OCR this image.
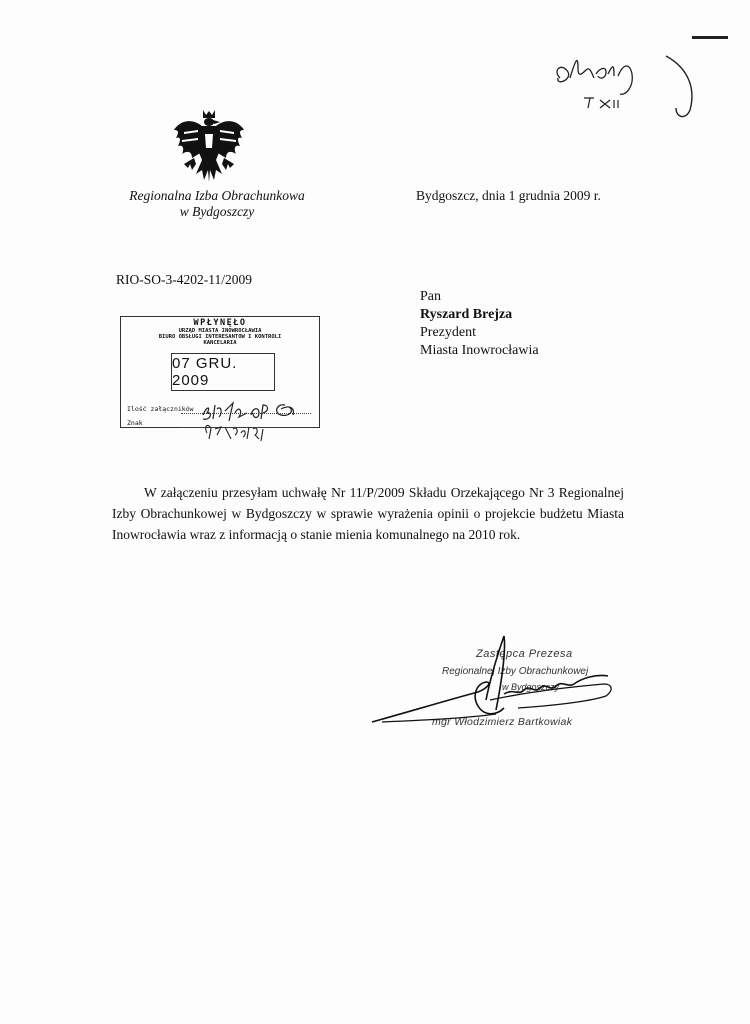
Regionalna Izba Obrachunkowa
w Bydgoszczy
Bydgoszcz, dnia 1 grudnia 2009 r.
RIO-SO-3-4202-11/2009
Pan
Ryszard Brejza
Prezydent
Miasta Inowrocławia
WPŁYNĘŁO
URZĄD MIASTA INOWROCŁAWIA
BIURO OBSŁUGI INTERESANTÓW I KONTROLI
KANCELARIA
07 GRU. 2009
Ilość załączników
Znak
W załączeniu przesyłam uchwałę Nr 11/P/2009 Składu Orzekającego Nr 3 Regionalnej Izby Obrachunkowej w Bydgoszczy w sprawie wyrażenia opinii o projekcie budżetu Miasta Inowrocławia wraz z informacją o stanie mienia komunalnego na 2010 rok.
Zastępca Prezesa
Regionalnej Izby Obrachunkowej
w Bydgoszczy
mgr Włodzimierz Bartkowiak
